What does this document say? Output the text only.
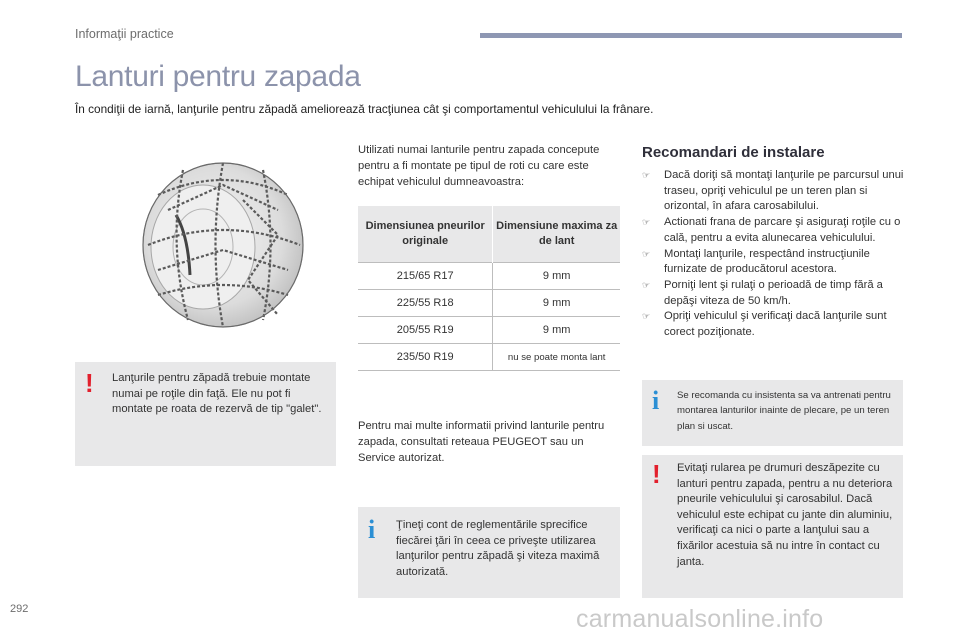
Informaţii practice
Lanturi pentru zapada
În condiţii de iarnă, lanţurile pentru zăpadă ameliorează tracţiunea cât şi comportamentul vehiculului la frânare.
! Lanţurile pentru zăpadă trebuie montate numai pe roţile din faţă. Ele nu pot fi montate pe roata de rezervă de tip "galet".
Utilizati numai lanturile pentru zapada concepute pentru a fi montate pe tipul de roti cu care este echipat vehiculul dumneavoastra:
Dimensiunea pneurilor originale	Dimensiune maxima za de lant
215/65 R17	9 mm
225/55 R18	9 mm
205/55 R19	9 mm
235/50 R19	nu se poate monta lant
Pentru mai multe informatii privind lanturile pentru zapada, consultati reteaua PEUGEOT sau un Service autorizat.
i Ţineţi cont de reglementările sprecifice fiecărei ţări în ceea ce priveşte utilizarea lanţurilor pentru zăpadă şi viteza maximă autorizată.
Recomandari de instalare
☞ Dacă doriţi să montaţi lanţurile pe parcursul unui traseu, opriţi vehiculul pe un teren plan si orizontal, în afara carosabilului.
☞ Actionati frana de parcare şi asiguraţi roţile cu o cală, pentru a evita alunecarea vehiculului.
☞ Montaţi lanţurile, respectând instrucţiunile furnizate de producătorul acestora.
☞ Porniţi lent şi rulaţi o perioadă de timp fără a depăşi viteza de 50 km/h.
☞ Opriţi vehiculul şi verificaţi dacă lanţurile sunt corect poziţionate.
i Se recomanda cu insistenta sa va antrenati pentru montarea lanturilor inainte de plecare, pe un teren plan si uscat.
! Evitaţi rularea pe drumuri deszăpezite cu lanturi pentru zapada, pentru a nu deteriora pneurile vehiculului şi carosabilul. Dacă vehiculul este echipat cu jante din aluminiu, verificaţi ca nici o parte a lanţului sau a fixărilor acestuia să nu intre în contact cu janta.
292	carmanualsonline.info
